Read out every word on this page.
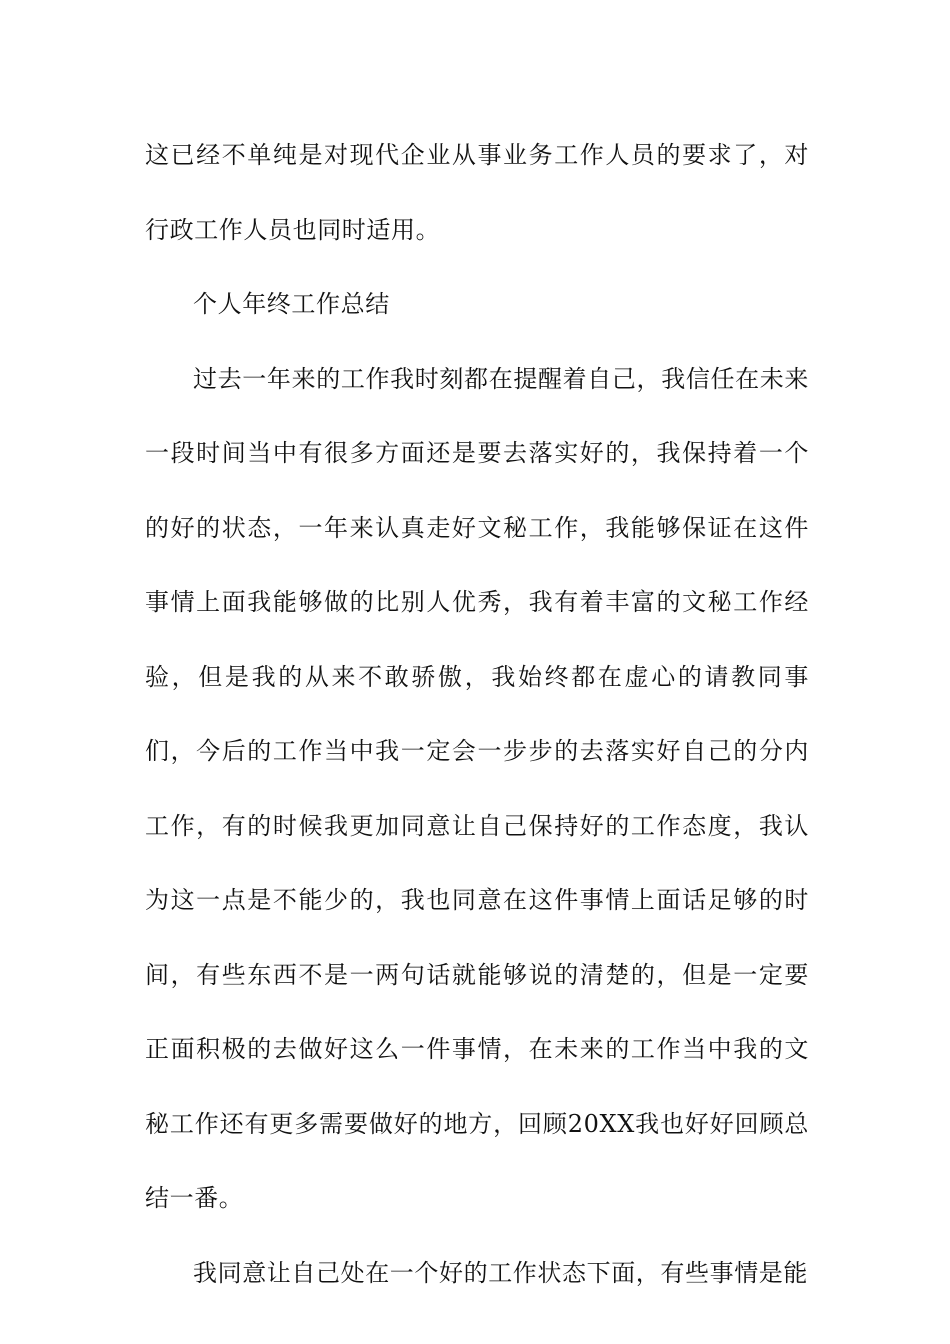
这已经不单纯是对现代企业从事业务工作人员的要求了，对行政工作人员也同时适用。

个人年终工作总结

过去一年来的工作我时刻都在提醒着自己，我信任在未来一段时间当中有很多方面还是要去落实好的，我保持着一个的好的状态，一年来认真走好文秘工作，我能够保证在这件事情上面我能够做的比别人优秀，我有着丰富的文秘工作经验，但是我的从来不敢骄傲，我始终都在虚心的请教同事们，今后的工作当中我一定会一步步的去落实好自己的分内工作，有的时候我更加同意让自己保持好的工作态度，我认为这一点是不能少的，我也同意在这件事情上面话足够的时间，有些东西不是一两句话就能够说的清楚的，但是一定要正面积极的去做好这么一件事情，在未来的工作当中我的文秘工作还有更多需要做好的地方，回顾20XX我也好好回顾总结一番。

我同意让自己处在一个好的工作状态下面，有些事情是能
